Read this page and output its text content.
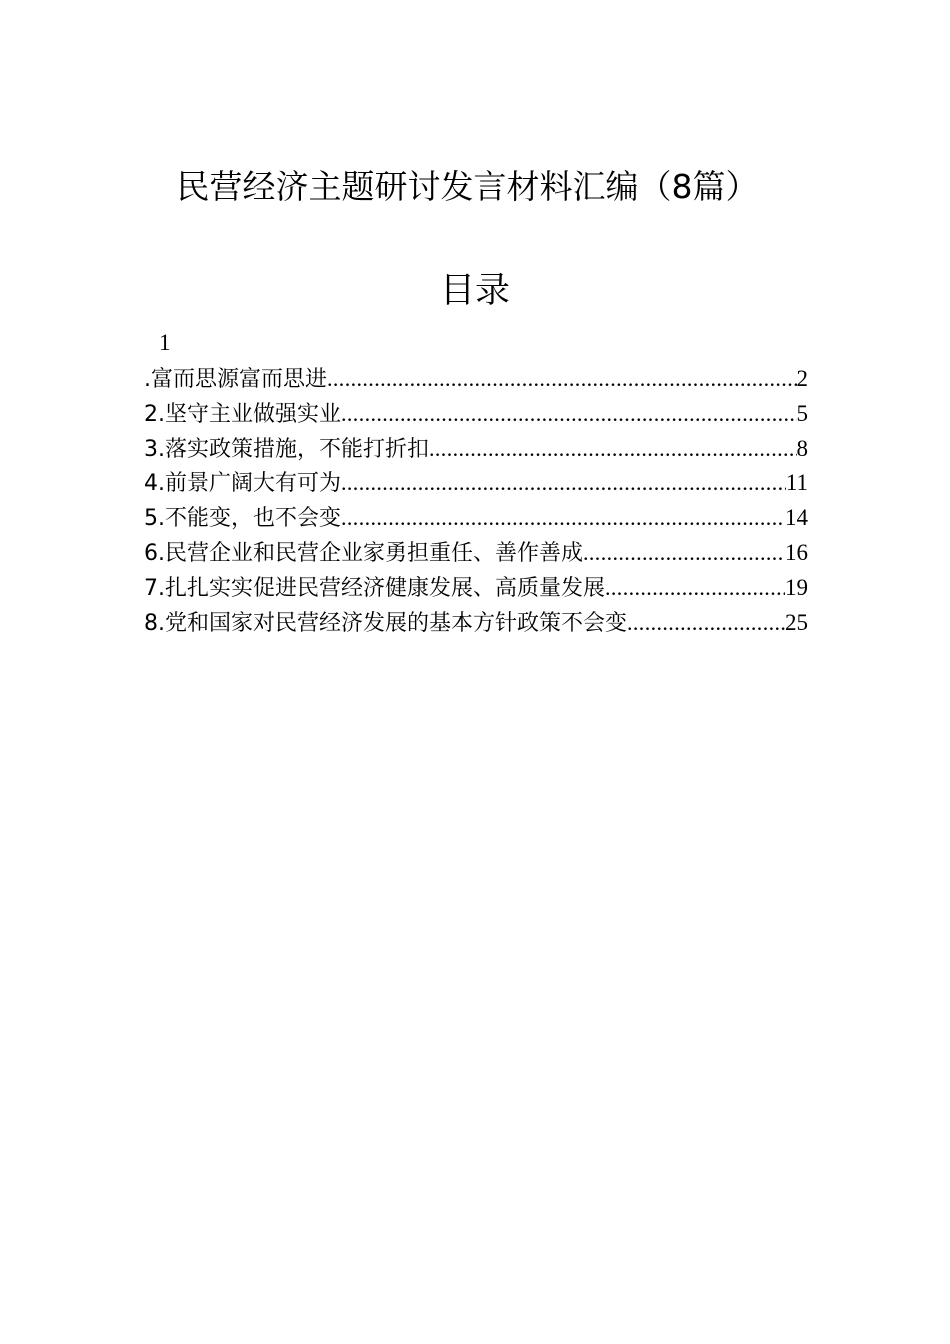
民营经济主题研讨发言材料汇编（8篇）
目录
1
.富而思源富而思进 .....	2
2.坚守主业做强实业 .....	5
3.落实政策措施，不能打折扣 .....	8
4.前景广阔大有可为 .....	11
5.不能变，也不会变 .....	14
6.民营企业和民营企业家勇担重任、善作善成 .....	16
7.扎扎实实促进民营经济健康发展、高质量发展 .....	19
8.党和国家对民营经济发展的基本方针政策不会变 .....	25
